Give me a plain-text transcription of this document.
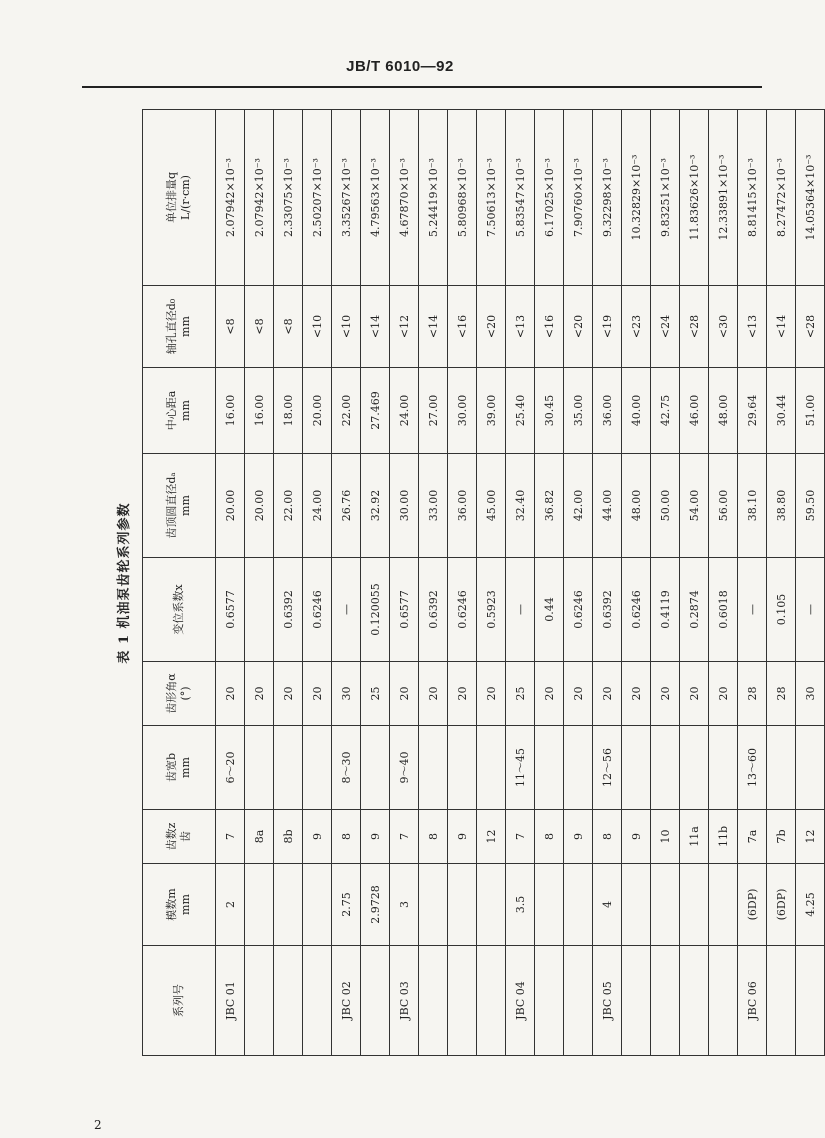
JB/T 6010—92
表 1 机油泵齿轮系列参数
系列号	模数m mm	齿数z 齿	齿宽b mm	齿形角α (°)	变位系数x	齿顶圆直径dₐ mm	中心距a mm	轴孔直径d₀ mm	单位排量q L/(r·cm)

JBC 01	2	7	6～20	20	0.6577	20.00	16.00	<8	2.07942×10⁻³
		8a		20		20.00	16.00	<8	2.07942×10⁻³
		8b		20	0.6392	22.00	18.00	<8	2.33075×10⁻³
		9		20	0.6246	24.00	20.00	<10	2.50207×10⁻³
JBC 02	2.75	8	8～30	30	—	26.76	22.00	<10	3.35267×10⁻³
	2.9728	9		25	0.120055	32.92	27.469	<14	4.79563×10⁻³
JBC 03	3	7	9～40	20	0.6577	30.00	24.00	<12	4.67870×10⁻³
		8		20	0.6392	33.00	27.00	<14	5.24419×10⁻³
		9		20	0.6246	36.00	30.00	<16	5.80968×10⁻³
		12		20	0.5923	45.00	39.00	<20	7.50613×10⁻³
JBC 04	3.5	7	11～45	25	—	32.40	25.40	<13	5.83547×10⁻³
		8		20	0.44	36.82	30.45	<16	6.17025×10⁻³
		9		20	0.6246	42.00	35.00	<20	7.90760×10⁻³
JBC 05	4	8	12～56	20	0.6392	44.00	36.00	<19	9.32298×10⁻³
		9		20	0.6246	48.00	40.00	<23	10.32829×10⁻³
		10		20	0.4119	50.00	42.75	<24	9.83251×10⁻³
		11a		20	0.2874	54.00	46.00	<28	11.83626×10⁻³
		11b		20	0.6018	56.00	48.00	<30	12.33891×10⁻³
JBC 06	(6DP)	7a	13～60	28	—	38.10	29.64	<13	8.81415×10⁻³
	(6DP)	7b		28	0.105	38.80	30.44	<14	8.27472×10⁻³
	4.25	12		30	—	59.50	51.00	<28	14.05364×10⁻³
2
